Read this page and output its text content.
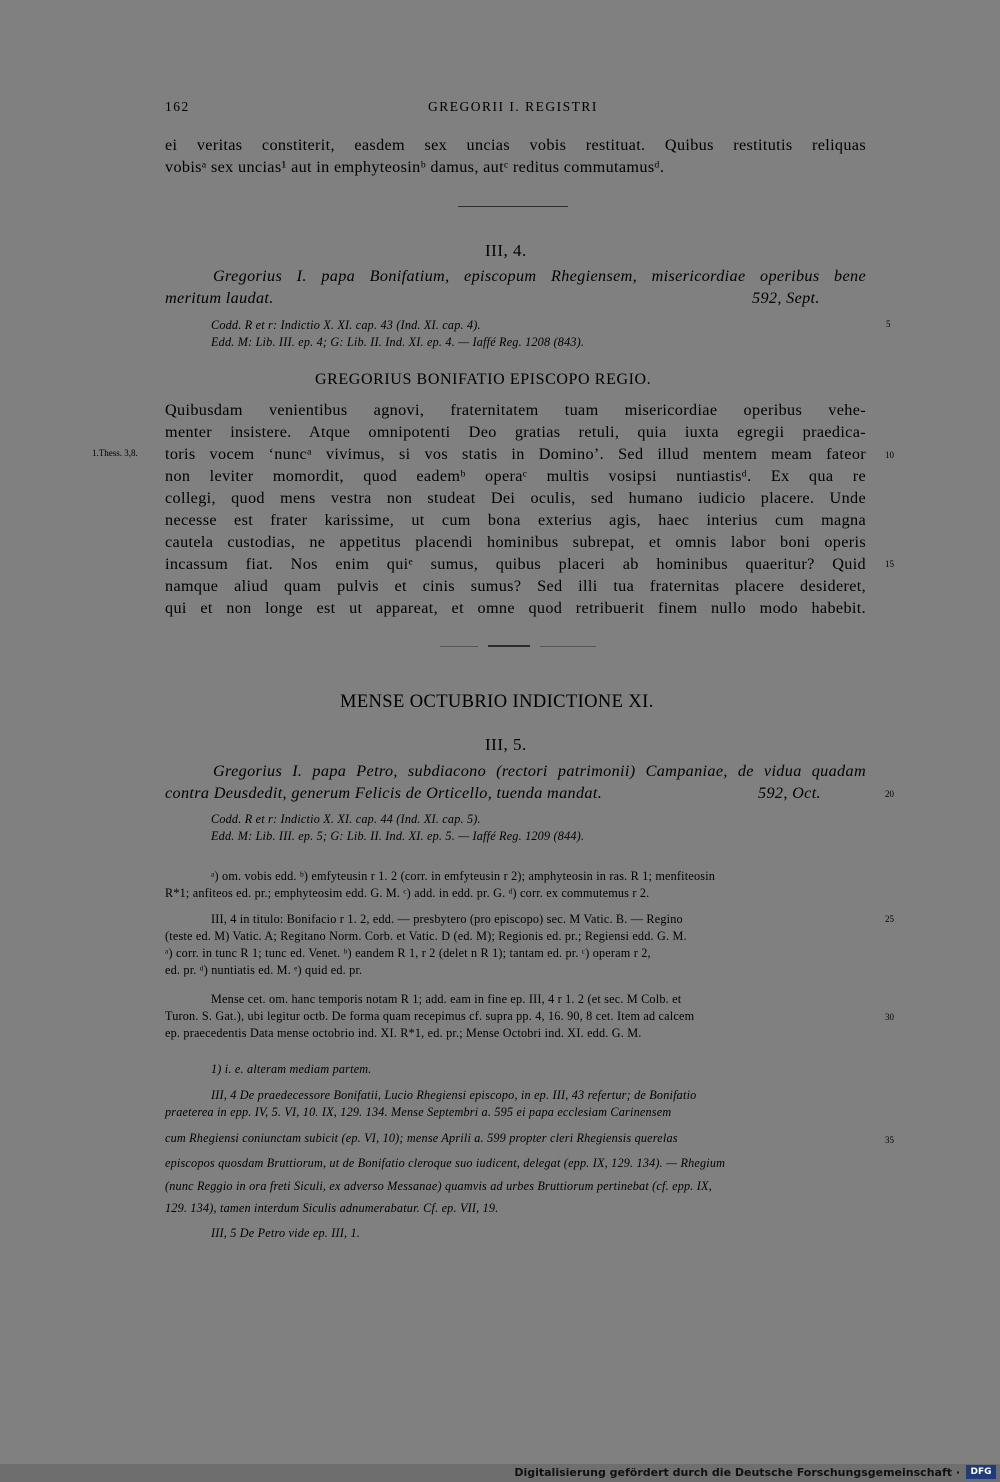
162	GREGORII I. REGISTRI
ei veritas constiterit, easdem sex uncias vobis restituat. Quibus restitutis reliquas
vobisᵃ sex uncias¹ aut in emphyteosinᵇ damus, autᶜ reditus commutamusᵈ.
III, 4.
Gregorius I. papa Bonifatium, episcopum Rhegiensem, misericordiae operibus bene
meritum laudat.	592, Sept.
Codd. R et r: Indictio X. XI. cap. 43 (Ind. XI. cap. 4).	5
Edd. M: Lib. III. ep. 4; G: Lib. II. Ind. XI. ep. 4. — Iaffé Reg. 1208 (843).
GREGORIUS BONIFATIO EPISCOPO REGIO.
Quibusdam venientibus agnovi, fraternitatem tuam misericordiae operibus vehe-
menter insistere. Atque omnipotenti Deo gratias retuli, quia iuxta egregii praedica-
1.Thess. 3,8. toris vocem ‘nuncᵃ vivimus, si vos statis in Domino’. Sed illud mentem meam fateor 10
non leviter momordit, quod eademᵇ operaᶜ multis vosipsi nuntiastisᵈ. Ex qua re
collegi, quod mens vestra non studeat Dei oculis, sed humano iudicio placere. Unde
necesse est frater karissime, ut cum bona exterius agis, haec interius cum magna
cautela custodias, ne appetitus placendi hominibus subrepat, et omnis labor boni operis
incassum fiat. Nos enim quiᵉ sumus, quibus placeri ab hominibus quaeritur? Quid 15
namque aliud quam pulvis et cinis sumus? Sed illi tua fraternitas placere desideret,
qui et non longe est ut appareat, et omne quod retribuerit finem nullo modo habebit.
MENSE OCTUBRIO INDICTIONE XI.
III, 5.
Gregorius I. papa Petro, subdiacono (rectori patrimonii) Campaniae, de vidua quadam
contra Deusdedit, generum Felicis de Orticello, tuenda mandat.	592, Oct.	20
Codd. R et r: Indictio X. XI. cap. 44 (Ind. XI. cap. 5).
Edd. M: Lib. III. ep. 5; G: Lib. II. Ind. XI. ep. 5. — Iaffé Reg. 1209 (844).
ᵃ) om. vobis edd. ᵇ) emfyteusin r 1. 2 (corr. in emfyteusin r 2); amphyteosin in ras. R 1; menfiteosin
R*1; anfiteos ed. pr.; emphyteosim edd. G. M. ᶜ) add. in edd. pr. G. ᵈ) corr. ex commutemus r 2.
III, 4 in titulo: Bonifacio r 1. 2, edd. — presbytero (pro episcopo) sec. M Vatic. B. — Regino	25
(teste ed. M) Vatic. A; Regitano Norm. Corb. et Vatic. D (ed. M); Regionis ed. pr.; Regiensi edd. G. M.
ᵃ) corr. in tunc R 1; tunc ed. Venet. ᵇ) eandem R 1, r 2 (delet n R 1); tantam ed. pr. ᶜ) operam r 2,
ed. pr. ᵈ) nuntiatis ed. M. ᵉ) quid ed. pr.
Mense cet. om. hanc temporis notam R 1; add. eam in fine ep. III, 4 r 1. 2 (et sec. M Colb. et
Turon. S. Gat.), ubi legitur octb. De forma quam recepimus cf. supra pp. 4, 16. 90, 8 cet. Item ad calcem	30
ep. praecedentis Data mense octobrio ind. XI. R*1, ed. pr.; Mense Octobri ind. XI. edd. G. M.
1) i. e. alteram mediam partem.
III, 4 De praedecessore Bonifatii, Lucio Rhegiensi episcopo, in ep. III, 43 refertur; de Bonifatio
praeterea in epp. IV, 5. VI, 10. IX, 129. 134. Mense Septembri a. 595 ei papa ecclesiam Carinensem
cum Rhegiensi coniunctam subicit (ep. VI, 10); mense Aprili a. 599 propter cleri Rhegiensis querelas	35
episcopos quosdam Bruttiorum, ut de Bonifatio cleroque suo iudicent, delegat (epp. IX, 129. 134). — Rhegium
(nunc Reggio in ora freti Siculi, ex adverso Messanae) quamvis ad urbes Bruttiorum pertinebat (cf. epp. IX,
129. 134), tamen interdum Siculis adnumerabatur. Cf. ep. VII, 19.
III, 5 De Petro vide ep. III, 1.
Digitalisierung gefördert durch die Deutsche Forschungsgemeinschaft ·	DFG
